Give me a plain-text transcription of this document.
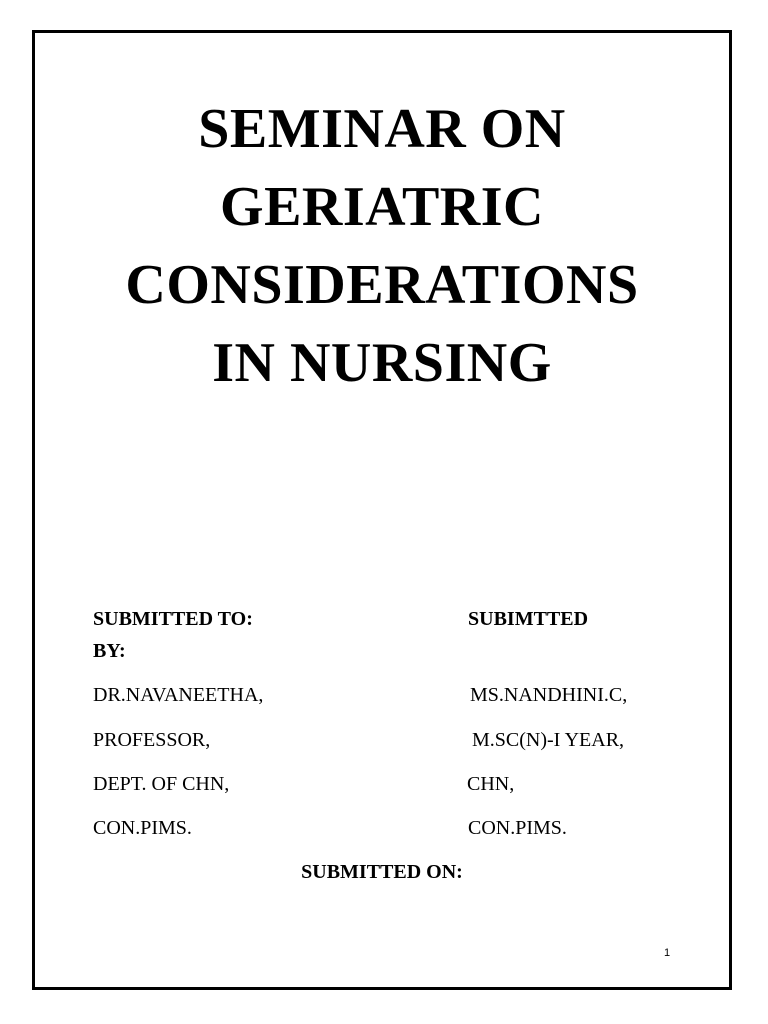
SEMINAR ON
GERIATRIC
CONSIDERATIONS
IN NURSING
SUBMITTED TO:	SUBIMTTED
BY:
DR.NAVANEETHA,	MS.NANDHINI.C,
PROFESSOR,	M.SC(N)-I YEAR,
DEPT. OF CHN,	CHN,
CON.PIMS.	CON.PIMS.
SUBMITTED ON:
1
